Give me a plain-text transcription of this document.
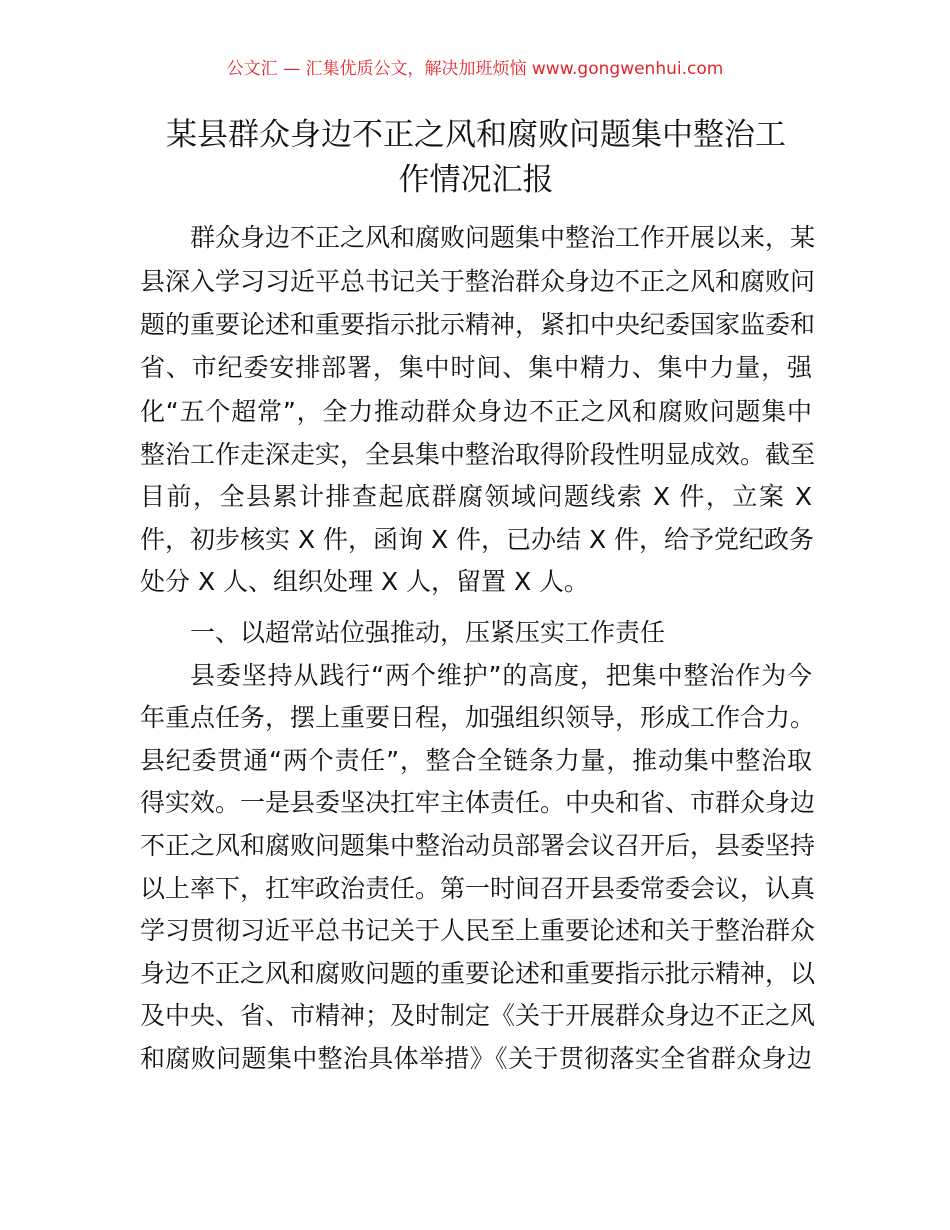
公文汇 — 汇集优质公文，解决加班烦恼 www.gongwenhui.com
某县群众身边不正之风和腐败问题集中整治工
作情况汇报
群众身边不正之风和腐败问题集中整治工作开展以来，某
县深入学习习近平总书记关于整治群众身边不正之风和腐败问
题的重要论述和重要指示批示精神，紧扣中央纪委国家监委和
省、市纪委安排部署，集中时间、集中精力、集中力量，强
化“五个超常”，全力推动群众身边不正之风和腐败问题集中
整治工作走深走实，全县集中整治取得阶段性明显成效。截至
目前，全县累计排查起底群腐领域问题线索 X 件，立案 X
件，初步核实 X 件，函询 X 件，已办结 X 件，给予党纪政务
处分 X 人、组织处理 X 人，留置 X 人。
一、以超常站位强推动，压紧压实工作责任
县委坚持从践行“两个维护”的高度，把集中整治作为今
年重点任务，摆上重要日程，加强组织领导，形成工作合力。
县纪委贯通“两个责任”，整合全链条力量，推动集中整治取
得实效。一是县委坚决扛牢主体责任。中央和省、市群众身边
不正之风和腐败问题集中整治动员部署会议召开后，县委坚持
以上率下，扛牢政治责任。第一时间召开县委常委会议，认真
学习贯彻习近平总书记关于人民至上重要论述和关于整治群众
身边不正之风和腐败问题的重要论述和重要指示批示精神，以
及中央、省、市精神；及时制定《关于开展群众身边不正之风
和腐败问题集中整治具体举措》《关于贯彻落实全省群众身边
